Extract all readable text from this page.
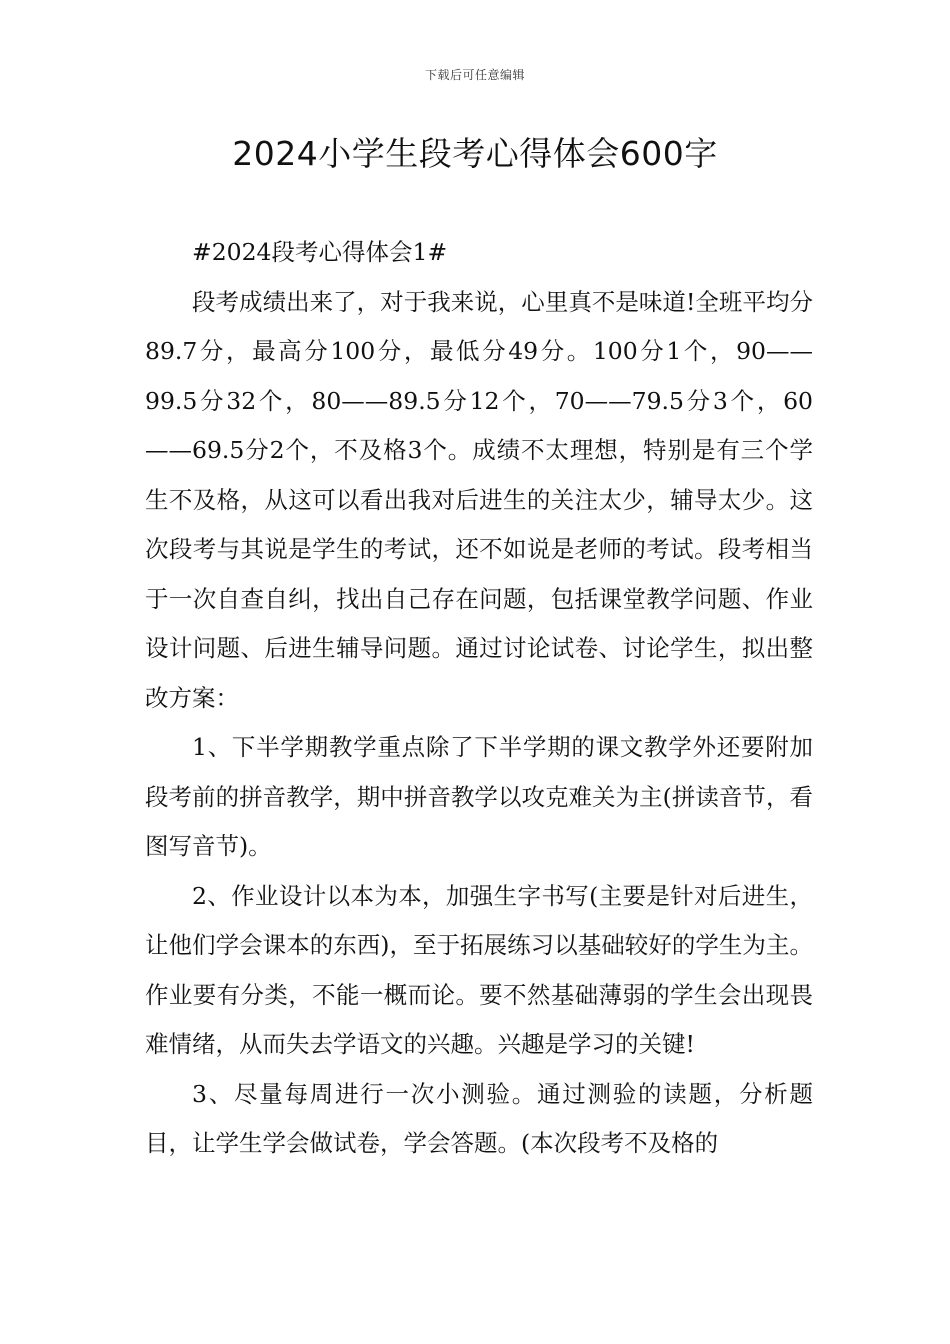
下载后可任意编辑
2024小学生段考心得体会600字

#2024段考心得体会1#

段考成绩出来了，对于我来说，心里真不是味道!全班平均分89.7分，最高分100分，最低分49分。100分1个，90——99.5分32个，80——89.5分12个，70——79.5分3个，60——69.5分2个，不及格3个。成绩不太理想，特别是有三个学生不及格，从这可以看出我对后进生的关注太少，辅导太少。这次段考与其说是学生的考试，还不如说是老师的考试。段考相当于一次自查自纠，找出自己存在问题，包括课堂教学问题、作业设计问题、后进生辅导问题。通过讨论试卷、讨论学生，拟出整改方案：

1、下半学期教学重点除了下半学期的课文教学外还要附加段考前的拼音教学，期中拼音教学以攻克难关为主(拼读音节，看图写音节)。

2、作业设计以本为本，加强生字书写(主要是针对后进生，让他们学会课本的东西)，至于拓展练习以基础较好的学生为主。作业要有分类，不能一概而论。要不然基础薄弱的学生会出现畏难情绪，从而失去学语文的兴趣。兴趣是学习的关键!

3、尽量每周进行一次小测验。通过测验的读题，分析题目，让学生学会做试卷，学会答题。(本次段考不及格的
